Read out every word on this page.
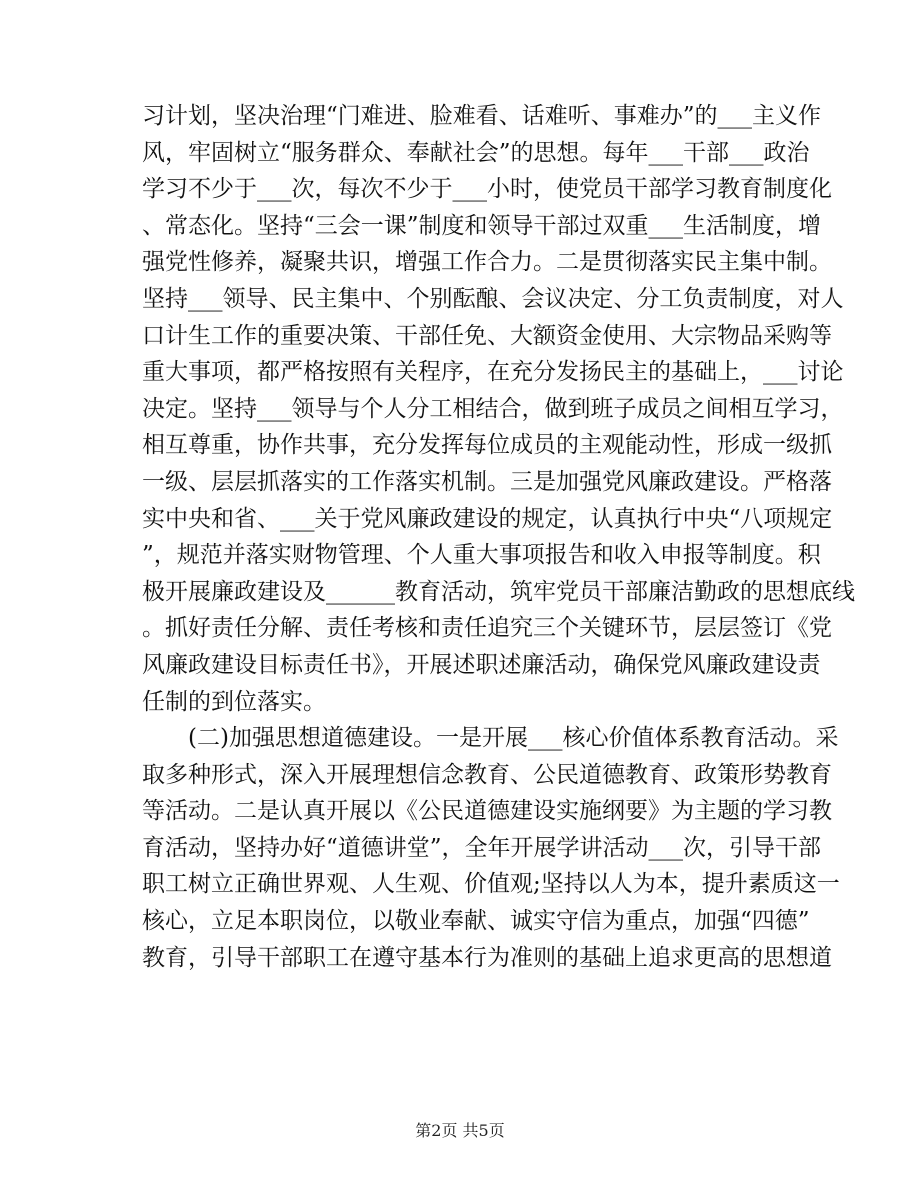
习计划，坚决治理“门难进、脸难看、话难听、事难办”的___主义作
风，牢固树立“服务群众、奉献社会”的思想。每年___干部___政治
学习不少于___次，每次不少于___小时，使党员干部学习教育制度化
、常态化。坚持“三会一课”制度和领导干部过双重___生活制度，增
强党性修养，凝聚共识，增强工作合力。二是贯彻落实民主集中制。
坚持___领导、民主集中、个别酝酿、会议决定、分工负责制度，对人
口计生工作的重要决策、干部任免、大额资金使用、大宗物品采购等
重大事项，都严格按照有关程序，在充分发扬民主的基础上，___讨论
决定。坚持___领导与个人分工相结合，做到班子成员之间相互学习，
相互尊重，协作共事，充分发挥每位成员的主观能动性，形成一级抓
一级、层层抓落实的工作落实机制。三是加强党风廉政建设。严格落
实中央和省、___关于党风廉政建设的规定，认真执行中央“八项规定
”，规范并落实财物管理、个人重大事项报告和收入申报等制度。积
极开展廉政建设及______教育活动，筑牢党员干部廉洁勤政的思想底线
。抓好责任分解、责任考核和责任追究三个关键环节，层层签订《党
风廉政建设目标责任书》，开展述职述廉活动，确保党风廉政建设责
任制的到位落实。
　　(二)加强思想道德建设。一是开展___核心价值体系教育活动。采
取多种形式，深入开展理想信念教育、公民道德教育、政策形势教育
等活动。二是认真开展以《公民道德建设实施纲要》为主题的学习教
育活动，坚持办好“道德讲堂”，全年开展学讲活动___次，引导干部
职工树立正确世界观、人生观、价值观;坚持以人为本，提升素质这一
核心，立足本职岗位，以敬业奉献、诚实守信为重点，加强“四德”
教育，引导干部职工在遵守基本行为准则的基础上追求更高的思想道
第2页 共5页
